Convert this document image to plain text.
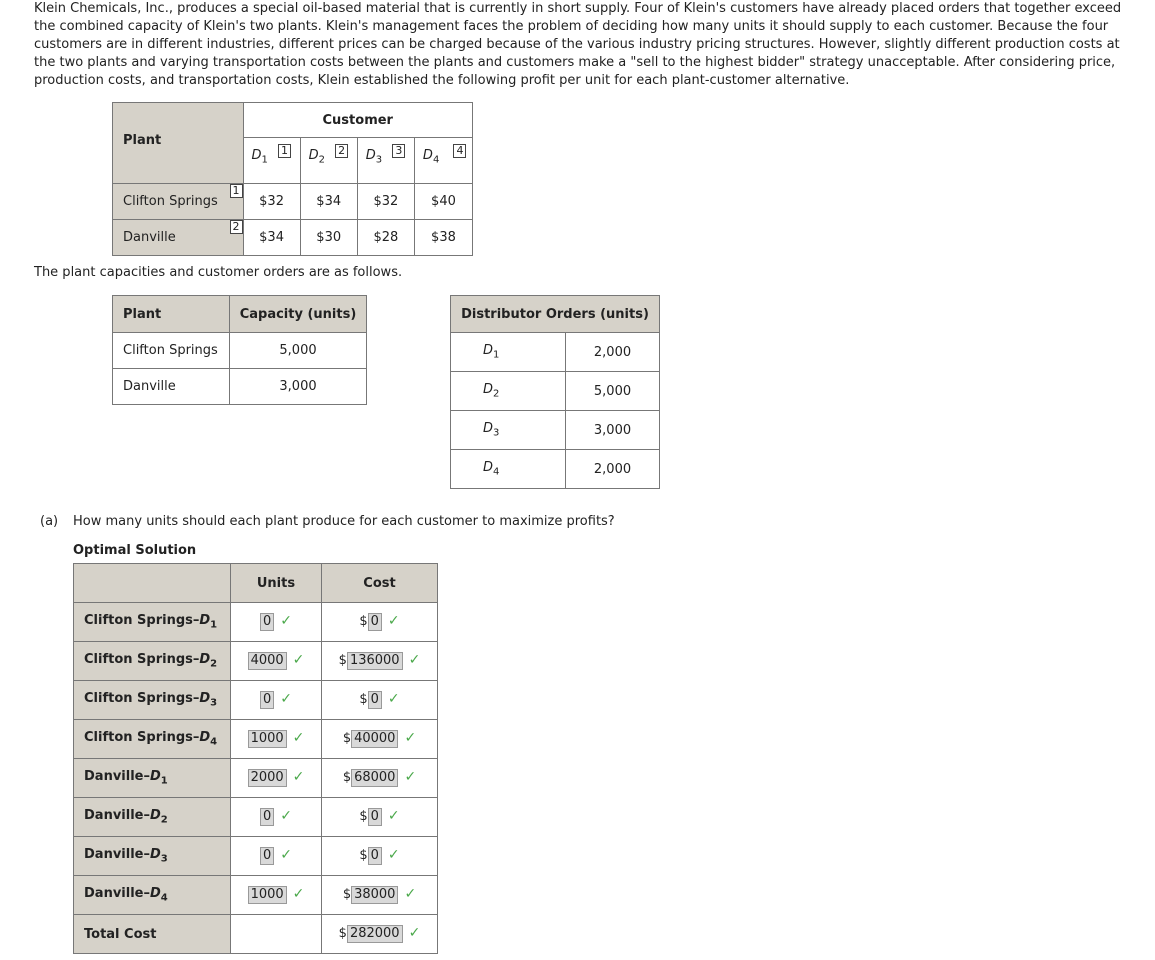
Klein Chemicals, Inc., produces a special oil-based material that is currently in short supply. Four of Klein's customers have already placed orders that together exceed the combined capacity of Klein's two plants. Klein's management faces the problem of deciding how many units it should supply to each customer. Because the four customers are in different industries, different prices can be charged because of the various industry pricing structures. However, slightly different production costs at the two plants and varying transportation costs between the plants and customers make a "sell to the highest bidder" strategy unacceptable. After considering price, production costs, and transportation costs, Klein established the following profit per unit for each plant-customer alternative.

Plant		Customer			
		$D_1$ 1	$D_2$ 2	$D_3$ 3	$D_4$ 4
Clifton Springs	1	$32	$34	$32	$40
Danville	2	$34	$30	$28	$38

The plant capacities and customer orders are as follows.

Plant	Capacity (units)
Clifton Springs	5,000
Danville	3,000
Distributor Orders (units)	
$D_1$	2,000
$D_2$	5,000
$D_3$	3,000
$D_4$	2,000

(a) How many units should each plant produce for each customer to maximize profits?

Optimal Solution

	Units	Cost
Clifton Springs–$D_1$	0 ✓	$ 0 ✓
Clifton Springs–$D_2$	4000 ✓	$ 136000 ✓
Clifton Springs–$D_3$	0 ✓	$ 0 ✓
Clifton Springs–$D_4$	1000 ✓	$ 40000 ✓
Danville–$D_1$	2000 ✓	$ 68000 ✓
Danville–$D_2$	0 ✓	$ 0 ✓
Danville–$D_3$	0 ✓	$ 0 ✓
Danville–$D_4$	1000 ✓	$ 38000 ✓
Total Cost		$ 282000 ✓
